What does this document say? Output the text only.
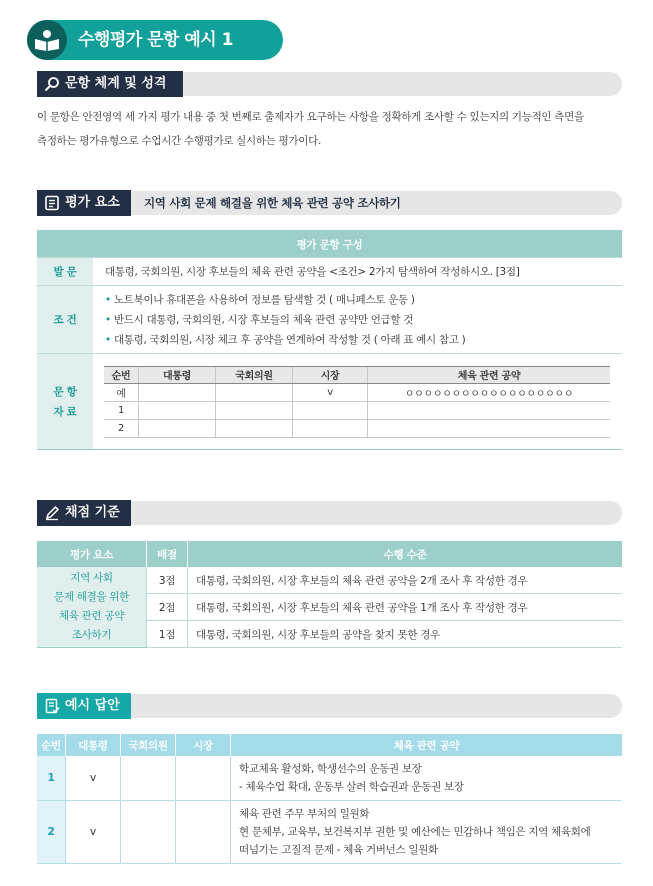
수행평가 문항 예시 1
문항 체계 및 성격
이 문항은 안전영역 세 가지 평가 내용 중 첫 번째로 출제자가 요구하는 사항을 정확하게 조사할 수 있는지의 기능적인 측면을
측정하는 평가유형으로 수업시간 수행평가로 실시하는 평가이다.
평가 요소	지역 사회 문제 해결을 위한 체육 관련 공약 조사하기
평가 문항 구성
발 문	대통령, 국회의원, 시장 후보들의 체육 관련 공약을 <조건> 2가지 탐색하여 작성하시오. [3점]
조 건	
• 노트북이나 휴대폰을 사용하여 정보를 탐색할 것 ( 매니페스토 운동 )
• 반드시 대통령, 국회의원, 시장 후보들의 체육 관련 공약만 언급할 것
• 대통령, 국회의원, 시장 체크 후 공약을 연계하여 작성할 것 ( 아래 표 예시 참고 )

문 항
자 료

순번	대통령	국회의원	시장	체육 관련 공약
예			v	ㅇㅇㅇㅇㅇㅇㅇㅇㅇㅇㅇㅇㅇㅇㅇㅇㅇㅇ
1				
2				
채점 기준
평가 요소	배점	수행 수준

지역 사회
문제 해결을 위한
체육 관련 공약
조사하기	3점	대통령, 국회의원, 시장 후보들의 체육 관련 공약을 2개 조사 후 작성한 경우
	2점	대통령, 국회의원, 시장 후보들의 체육 관련 공약을 1개 조사 후 작성한 경우
	1점	대통령, 국회의원, 시장 후보들의 공약을 찾지 못한 경우
예시 답안
순번	대통령	국회의원	시장	체육 관련 공약
1	v			학교체육 활성화, 학생선수의 운동권 보장
- 체육수업 확대, 운동부 살려 학습권과 운동권 보장

2	v			체육 관련 주무 부처의 일원화
현 문체부, 교육부, 보건복지부 권한 및 예산에는 민감하나 책임은 지역 체육회에
떠넘기는 고질적 문제 - 체육 거버넌스 일원화
